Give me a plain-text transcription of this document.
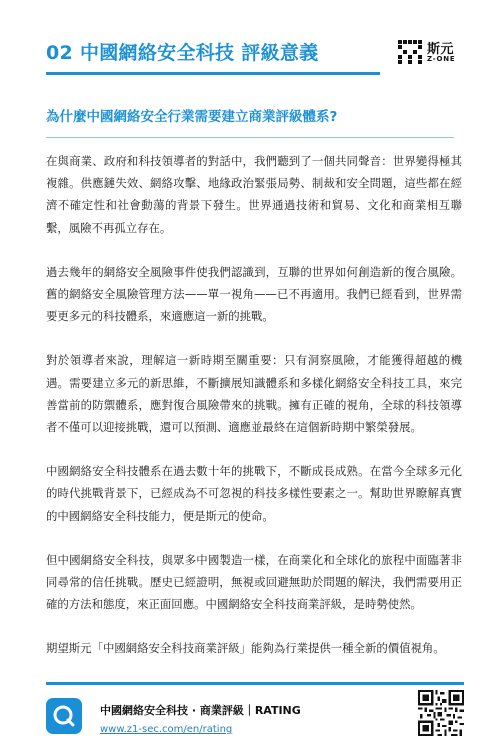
02 中國網絡安全科技 評級意義	斯元
Z-ONE
為什麼中國網絡安全行業需要建立商業評級體系?

在與商業、政府和科技領導者的對話中，我們聽到了一個共同聲音：世界變得極其複雜。供應鏈失效、網絡攻擊、地緣政治緊張局勢、制裁和安全問題，這些都在經濟不確定性和社會動蕩的背景下發生。世界通過技術和貿易、文化和商業相互聯繫，風險不再孤立存在。

過去幾年的網絡安全風險事件使我們認識到，互聯的世界如何創造新的復合風險。舊的網絡安全風險管理方法——單一視角——已不再適用。我們已經看到，世界需要更多元的科技體系，來適應這一新的挑戰。

對於領導者來說，理解這一新時期至關重要：只有洞察風險，才能獲得超越的機遇。需要建立多元的新思維，不斷擴展知識體系和多樣化網絡安全科技工具，來完善當前的防禦體系，應對復合風險帶來的挑戰。擁有正確的視角，全球的科技領導者不僅可以迎接挑戰，還可以預測、適應並最終在這個新時期中繁榮發展。

中國網絡安全科技體系在過去數十年的挑戰下，不斷成長成熟。在當今全球多元化的時代挑戰背景下，已經成為不可忽視的科技多樣性要素之一。幫助世界瞭解真實的中國網絡安全科技能力，便是斯元的使命。

但中國網絡安全科技，與眾多中國製造一樣，在商業化和全球化的旅程中面臨著非同尋常的信任挑戰。歷史已經證明，無視或回避無助於問題的解決，我們需要用正確的方法和態度，來正面回應。中國網絡安全科技商業評級，是時勢使然。

期望斯元「中國網絡安全科技商業評級」能夠為行業提供一種全新的價值視角。

中國網絡安全科技 · 商業評級｜RATING
www.z1-sec.com/en/rating
